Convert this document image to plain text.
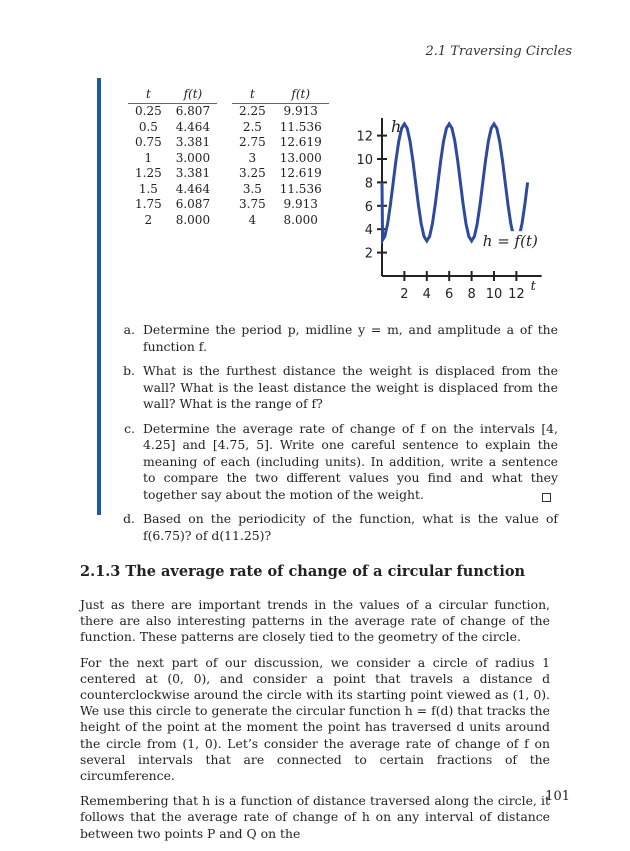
2.1 Traversing Circles
t	f(t)
0.25	6.807
0.5	4.464
0.75	3.381
1	3.000
1.25	3.381
1.5	4.464
1.75	6.087
2	8.000
t	f(t)
2.25	9.913
2.5	11.536
2.75	12.619
3	13.000
3.25	12.619
3.5	11.536
3.75	9.913
4	8.000
2 4 6 8 10 12
2
4
6
8
10
12
h
t
h = f(t)
a. Determine the period p, midline y = m, and amplitude a of the function f.
b. What is the furthest distance the weight is displaced from the wall? What is the least distance the weight is displaced from the wall? What is the range of f?
c. Determine the average rate of change of f on the intervals [4, 4.25] and [4.75, 5]. Write one careful sentence to explain the meaning of each (including units). In addition, write a sentence to compare the two different values you find and what they together say about the motion of the weight.
d. Based on the periodicity of the function, what is the value of f(6.75)? of d(11.25)?
2.1.3 The average rate of change of a circular function

Just as there are important trends in the values of a circular function, there are also interesting patterns in the average rate of change of the function. These patterns are closely tied to the geometry of the circle.

For the next part of our discussion, we consider a circle of radius 1 centered at (0, 0), and consider a point that travels a distance d counterclockwise around the circle with its starting point viewed as (1, 0). We use this circle to generate the circular function h = f(d) that tracks the height of the point at the moment the point has traversed d units around the circle from (1, 0). Let’s consider the average rate of change of f on several intervals that are connected to certain fractions of the circumference.

Remembering that h is a function of distance traversed along the circle, it follows that the average rate of change of h on any interval of distance between two points P and Q on the

101
